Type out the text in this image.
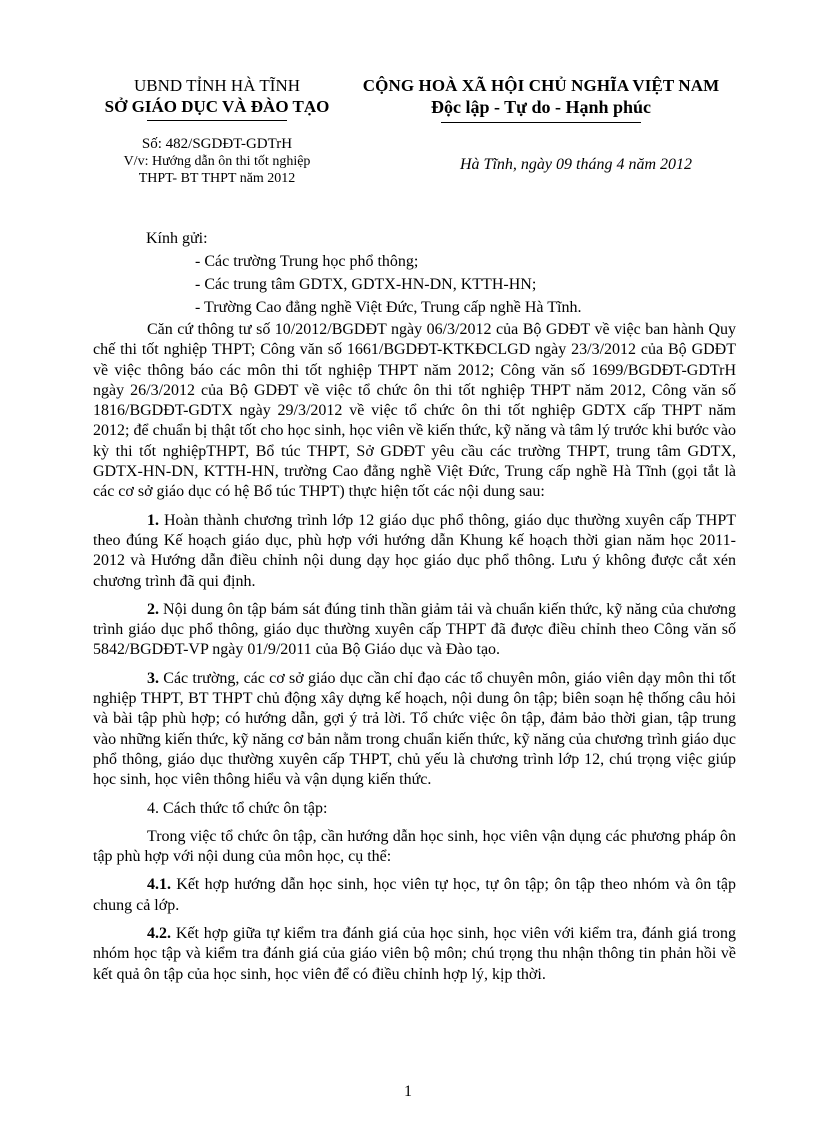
UBND TỈNH HÀ TĨNH
SỞ GIÁO DỤC VÀ ĐÀO TẠO
CỘNG HOÀ XÃ HỘI CHỦ NGHĨA VIỆT NAM
Độc lập - Tự do - Hạnh phúc
Số: 482/SGDĐT-GDTrH
V/v: Hướng dẫn ôn thi tốt nghiệp
THPT- BT THPT năm 2012
Hà Tĩnh, ngày 09 tháng 4 năm 2012
Kính gửi:
- Các trường Trung học phổ thông;
- Các trung tâm GDTX, GDTX-HN-DN, KTTH-HN;
- Trường Cao đẳng nghề Việt Đức, Trung cấp nghề Hà Tĩnh.

Căn cứ thông tư số 10/2012/BGDĐT ngày 06/3/2012 của Bộ GDĐT về việc ban hành Quy chế thi tốt nghiệp THPT; Công văn số 1661/BGDĐT-KTKĐCLGD ngày 23/3/2012 của Bộ GDĐT về việc thông báo các môn thi tốt nghiệp THPT năm 2012; Công văn số 1699/BGDĐT-GDTrH ngày 26/3/2012 của Bộ GDĐT về việc tổ chức ôn thi tốt nghiệp THPT năm 2012, Công văn số 1816/BGDĐT-GDTX ngày 29/3/2012 về việc tổ chức ôn thi tốt nghiệp GDTX cấp THPT năm 2012; để chuẩn bị thật tốt cho học sinh, học viên về kiến thức, kỹ năng và tâm lý trước khi bước vào kỳ thi tốt nghiệpTHPT, Bổ túc THPT, Sở GDĐT yêu cầu các trường THPT, trung tâm GDTX, GDTX-HN-DN, KTTH-HN, trường Cao đẳng nghề Việt Đức, Trung cấp nghề Hà Tĩnh (gọi tắt là các cơ sở giáo dục có hệ Bổ túc THPT) thực hiện tốt các nội dung sau:

1. Hoàn thành chương trình lớp 12 giáo dục phổ thông, giáo dục thường xuyên cấp THPT theo đúng Kế hoạch giáo dục, phù hợp với hướng dẫn Khung kế hoạch thời gian năm học 2011-2012 và Hướng dẫn điều chỉnh nội dung dạy học giáo dục phổ thông. Lưu ý không được cắt xén chương trình đã qui định.

2. Nội dung ôn tập bám sát đúng tinh thần giảm tải và chuẩn kiến thức, kỹ năng của chương trình giáo dục phổ thông, giáo dục thường xuyên cấp THPT đã được điều chỉnh theo Công văn số 5842/BGDĐT-VP ngày 01/9/2011 của Bộ Giáo dục và Đào tạo.

3. Các trường, các cơ sở giáo dục cần chỉ đạo các tổ chuyên môn, giáo viên dạy môn thi tốt nghiệp THPT, BT THPT chủ động xây dựng kế hoạch, nội dung ôn tập; biên soạn hệ thống câu hỏi và bài tập phù hợp; có hướng dẫn, gợi ý trả lời. Tổ chức việc ôn tập, đảm bảo thời gian, tập trung vào những kiến thức, kỹ năng cơ bản nằm trong chuẩn kiến thức, kỹ năng của chương trình giáo dục phổ thông, giáo dục thường xuyên cấp THPT, chủ yếu là chương trình lớp 12, chú trọng việc giúp học sinh, học viên thông hiểu và vận dụng kiến thức.

4. Cách thức tổ chức ôn tập:

Trong việc tổ chức ôn tập, cần hướng dẫn học sinh, học viên vận dụng các phương pháp ôn tập phù hợp với nội dung của môn học, cụ thể:

4.1. Kết hợp hướng dẫn học sinh, học viên tự học, tự ôn tập; ôn tập theo nhóm và ôn tập chung cả lớp.

4.2. Kết hợp giữa tự kiểm tra đánh giá của học sinh, học viên với kiểm tra, đánh giá trong nhóm học tập và kiểm tra đánh giá của giáo viên bộ môn; chú trọng thu nhận thông tin phản hồi về kết quả ôn tập của học sinh, học viên để có điều chỉnh hợp lý, kịp thời.

1
